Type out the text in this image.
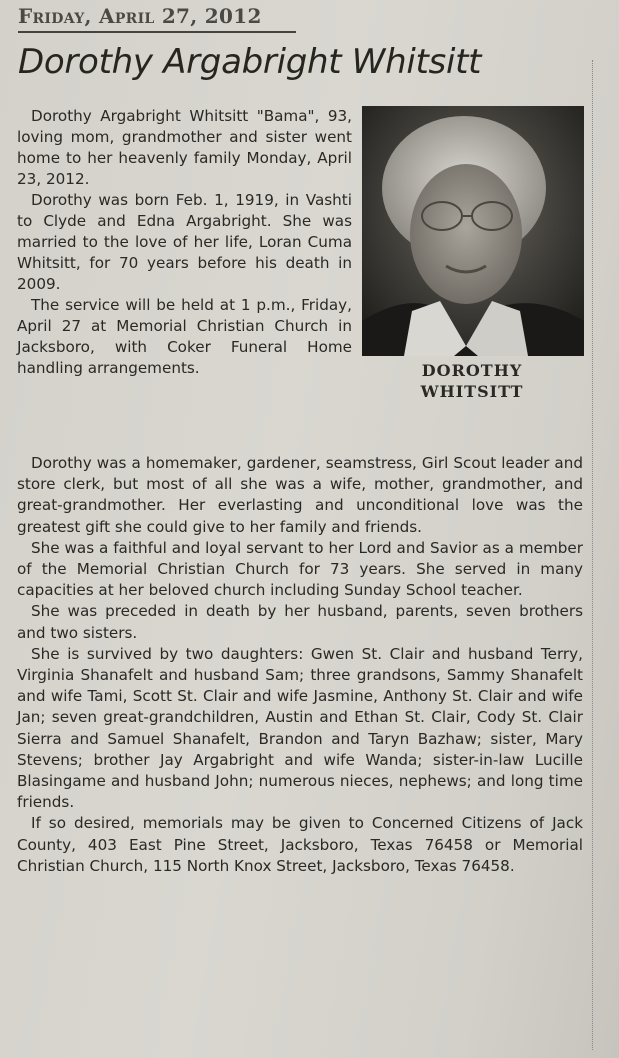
Friday, April 27, 2012
Dorothy Argabright Whitsitt
DOROTHY
WHITSITT

Dorothy Argabright Whitsitt "Bama", 93, loving mom, grandmother and sister went home to her heavenly family Monday, April 23, 2012.

Dorothy was born Feb. 1, 1919, in Vashti to Clyde and Edna Argabright. She was married to the love of her life, Loran Cuma Whitsitt, for 70 years before his death in 2009.

The service will be held at 1 p.m., Friday, April 27 at Memorial Christian Church in Jacksboro, with Coker Funeral Home handling arrangements.

Dorothy was a homemaker, gardener, seamstress, Girl Scout leader and store clerk, but most of all she was a wife, mother, grandmother, and great-grandmother. Her everlasting and unconditional love was the greatest gift she could give to her family and friends.

She was a faithful and loyal servant to her Lord and Savior as a member of the Memorial Christian Church for 73 years. She served in many capacities at her beloved church including Sunday School teacher.

She was preceded in death by her husband, parents, seven brothers and two sisters.

She is survived by two daughters: Gwen St. Clair and husband Terry, Virginia Shanafelt and husband Sam; three grandsons, Sammy Shanafelt and wife Tami, Scott St. Clair and wife Jasmine, Anthony St. Clair and wife Jan; seven great-grandchildren, Austin and Ethan St. Clair, Cody St. Clair Sierra and Samuel Shanafelt, Brandon and Taryn Bazhaw; sister, Mary Stevens; brother Jay Argabright and wife Wanda; sister-in-law Lucille Blasingame and husband John; numerous nieces, nephews; and long time friends.

If so desired, memorials may be given to Concerned Citizens of Jack County, 403 East Pine Street, Jacksboro, Texas 76458 or Memorial Christian Church, 115 North Knox Street, Jacksboro, Texas 76458.
